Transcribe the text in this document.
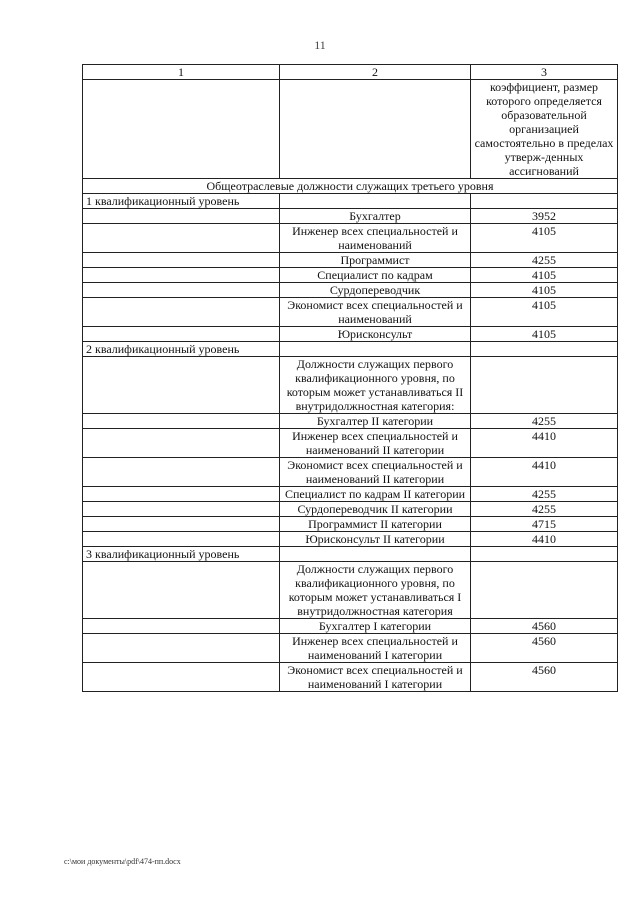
11
1	2	3
		коэффициент, размер которого определяется образовательной организацией самостоятельно в пределах утверж-денных ассигнований
Общеотраслевые должности служащих третьего уровня		
1 квалификационный уровень		
	Бухгалтер	3952
	Инженер всех специальностей и наименований	4105
	Программист	4255
	Специалист по кадрам	4105
	Сурдопереводчик	4105
	Экономист всех специальностей и наименований	4105
	Юрисконсульт	4105
2 квалификационный уровень		
	Должности служащих первого квалификационного уровня, по которым может устанавливаться II внутридолжностная категория:	
	Бухгалтер II категории	4255
	Инженер всех специальностей и наименований II категории	4410
	Экономист всех специальностей и наименований II категории	4410
	Специалист по кадрам II категории	4255
	Сурдопереводчик II категории	4255
	Программист II категории	4715
	Юрисконсульт II категории	4410
3 квалификационный уровень		
	Должности служащих первого квалификационного уровня, по которым может устанавливаться I внутридолжностная категория	
	Бухгалтер I категории	4560
	Инженер всех специальностей и наименований I категории	4560
	Экономист всех специальностей и наименований I категории	4560
c:\мои документы\pdf\474-пп.docx
